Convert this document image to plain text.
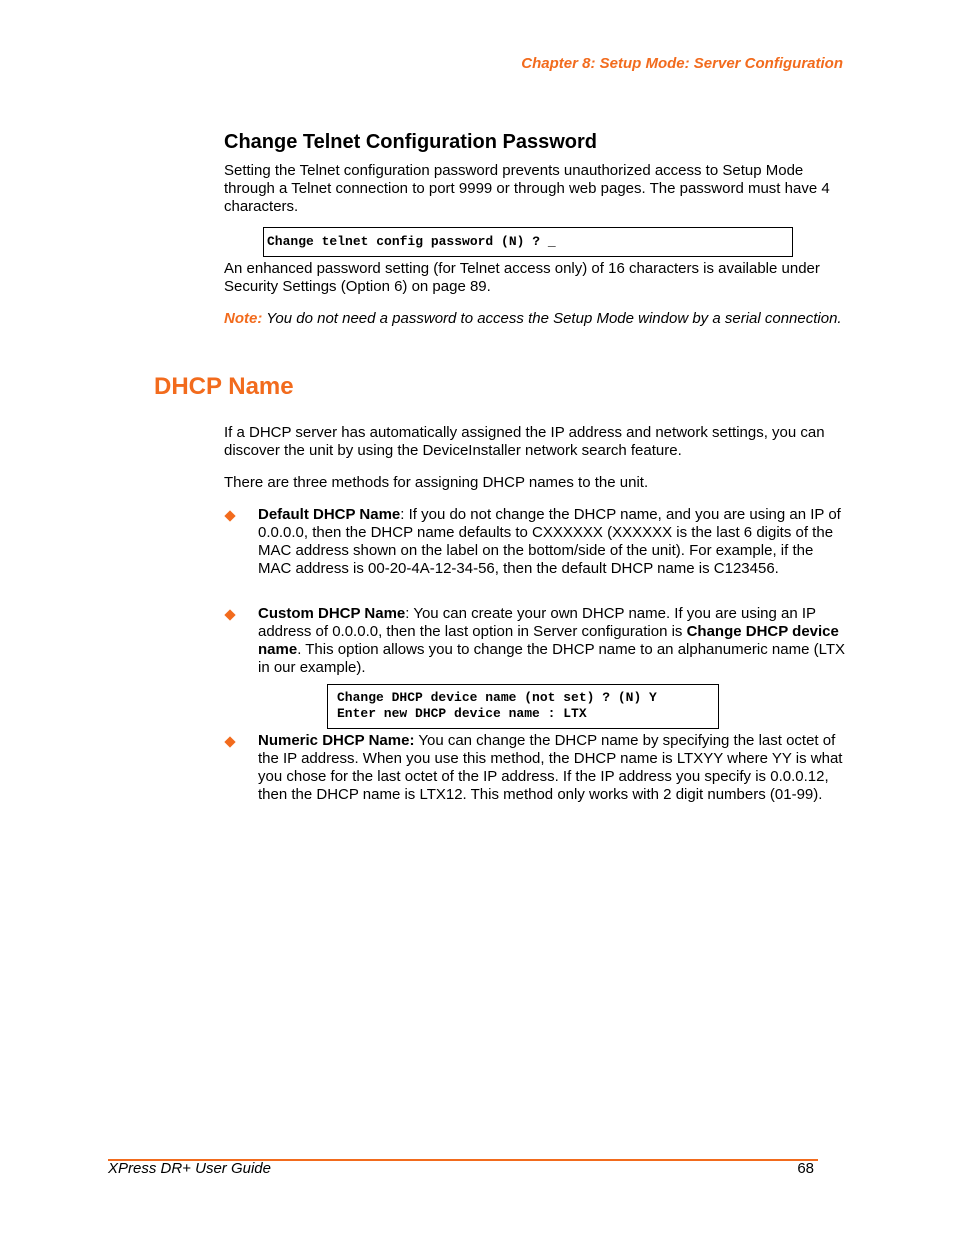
Chapter 8: Setup Mode: Server Configuration
Change Telnet Configuration Password
Setting the Telnet configuration password prevents unauthorized access to Setup Mode through a Telnet connection to port 9999 or through web pages. The password must have 4 characters.
Change telnet config password (N) ? _
An enhanced password setting (for Telnet access only) of 16 characters is available under Security Settings (Option 6) on page 89.
Note: You do not need a password to access the Setup Mode window by a serial connection.
DHCP Name
If a DHCP server has automatically assigned the IP address and network settings, you can discover the unit by using the DeviceInstaller network search feature.
There are three methods for assigning DHCP names to the unit.
Default DHCP Name: If you do not change the DHCP name, and you are using an IP of 0.0.0.0, then the DHCP name defaults to CXXXXXX (XXXXXX is the last 6 digits of the MAC address shown on the label on the bottom/side of the unit). For example, if the MAC address is 00-20-4A-12-34-56, then the default DHCP name is C123456.
Custom DHCP Name: You can create your own DHCP name. If you are using an IP address of 0.0.0.0, then the last option in Server configuration is Change DHCP device name. This option allows you to change the DHCP name to an alphanumeric name (LTX in our example).
Change DHCP device name (not set) ? (N) Y
Enter new DHCP device name : LTX
Numeric DHCP Name: You can change the DHCP name by specifying the last octet of the IP address. When you use this method, the DHCP name is LTXYY where YY is what you chose for the last octet of the IP address. If the IP address you specify is 0.0.0.12, then the DHCP name is LTX12. This method only works with 2 digit numbers (01-99).
XPress DR+ User Guide	68
